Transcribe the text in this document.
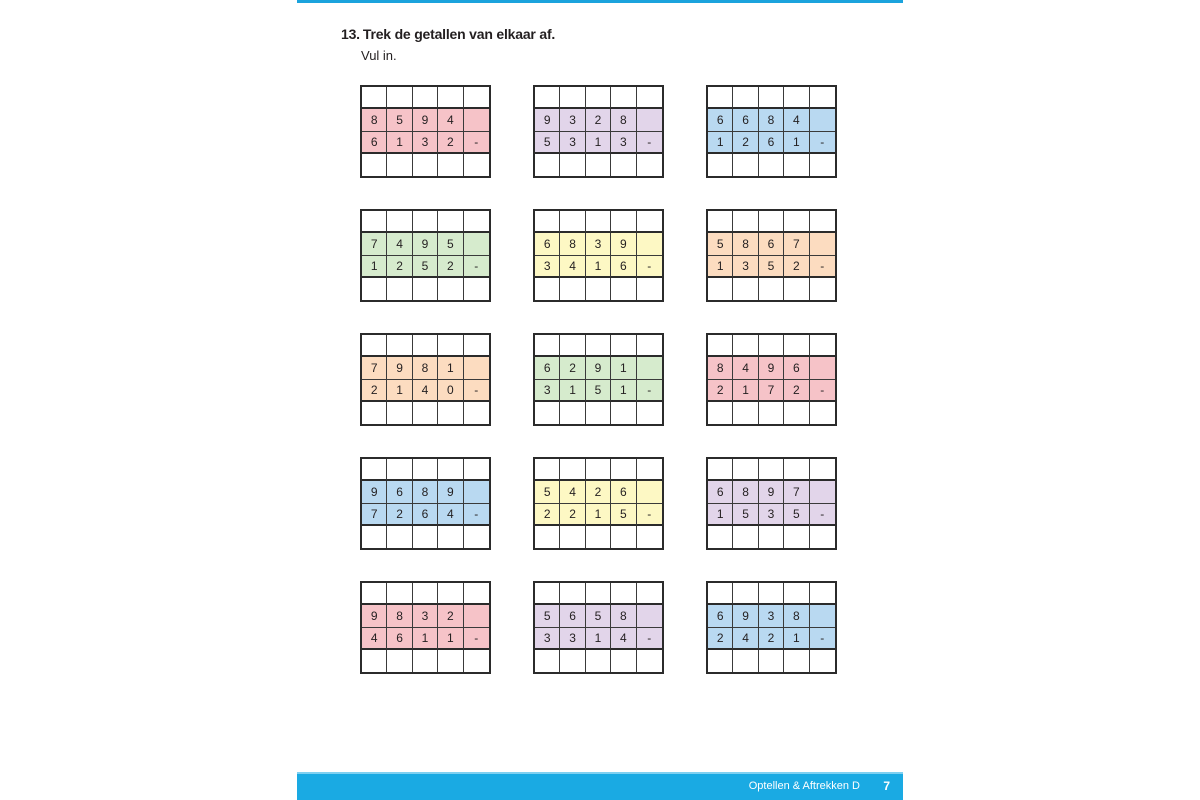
13. Trek de getallen van elkaar af.
Vul in.
8	5	9	4
6	1	3	2	-
9	3	2	8
5	3	1	3	-
6	6	8	4
1	2	6	1	-
7	4	9	5
1	2	5	2	-
6	8	3	9
3	4	1	6	-
5	8	6	7
1	3	5	2	-
7	9	8	1
2	1	4	0	-
6	2	9	1
3	1	5	1	-
8	4	9	6
2	1	7	2	-
9	6	8	9
7	2	6	4	-
5	4	2	6
2	2	1	5	-
6	8	9	7
1	5	3	5	-
9	8	3	2
4	6	1	1	-
5	6	5	8
3	3	1	4	-
6	9	3	8
2	4	2	1	-
Optellen & Aftrekken D 7
